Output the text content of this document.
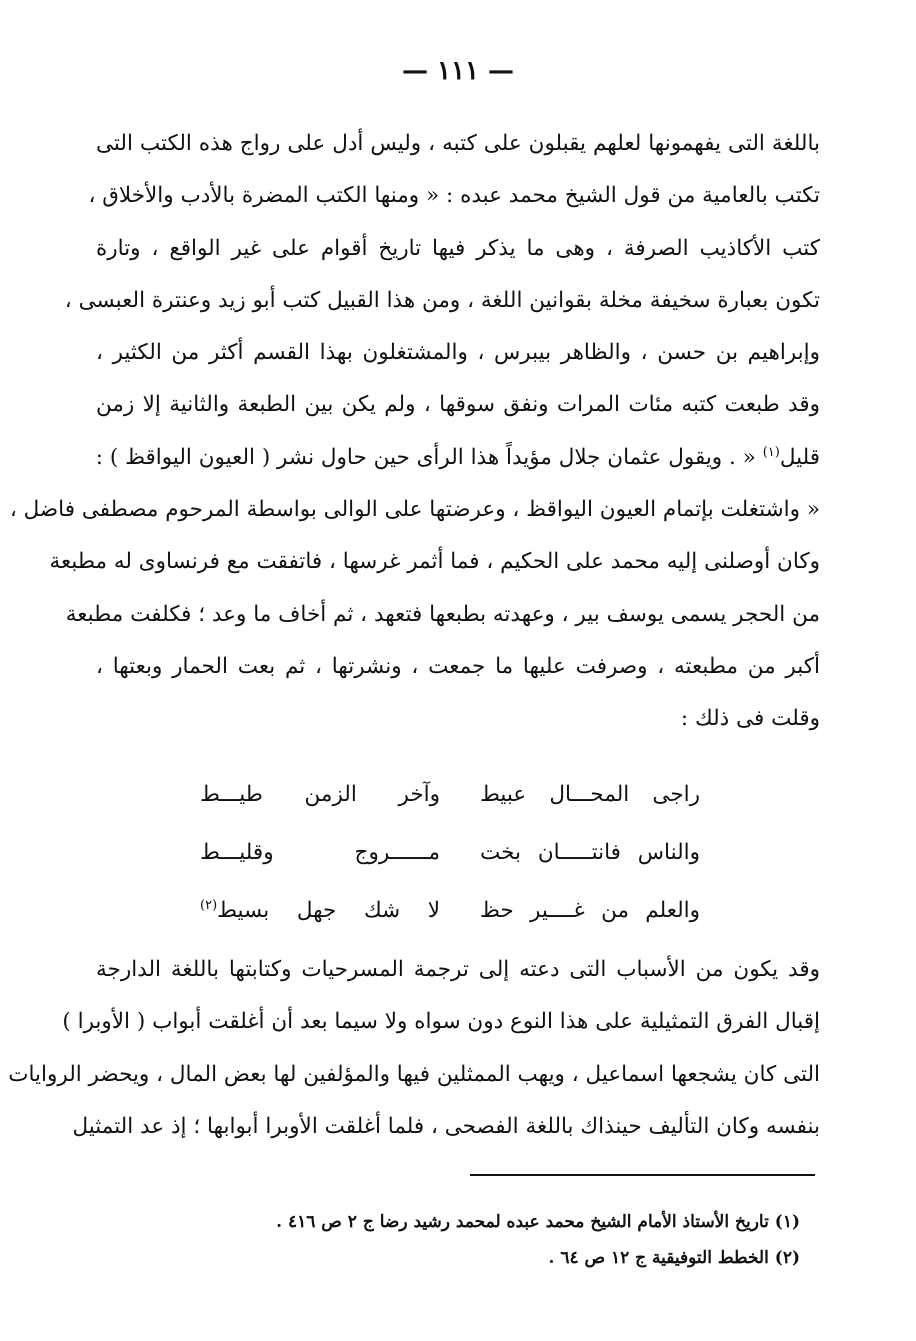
— ١١١ —
باللغة التى يفهمونها لعلهم يقبلون على كتبه ، وليس أدل على رواج هذه الكتب التى
تكتب بالعامية من قول الشيخ محمد عبده : « ومنها الكتب المضرة بالأدب والأخلاق ،
كتب الأكاذيب الصرفة ، وهى ما يذكر فيها تاريخ أقوام على غير الواقع ، وتارة
تكون بعبارة سخيفة مخلة بقوانين اللغة ، ومن هذا القبيل كتب أبو زيد وعنترة العبسى ،
وإبراهيم بن حسن ، والظاهر بيبرس ، والمشتغلون بهذا القسم أكثر من الكثير ،
وقد طبعت كتبه مئات المرات ونفق سوقها ، ولم يكن بين الطبعة والثانية إلا زمن
قليل$^{(١)}$ « . ويقول عثمان جلال مؤيداً هذا الرأى حين حاول نشر ( العيون اليواقظ ) :
« واشتغلت بإتمام العيون اليواقظ ، وعرضتها على الوالى بواسطة المرحوم مصطفى فاضل ،
وكان أوصلنى إليه محمد على الحكيم ، فما أثمر غرسها ، فاتفقت مع فرنساوى له مطبعة
من الحجر يسمى يوسف بير ، وعهدته بطبعها فتعهد ، ثم أخاف ما وعد ؛ فكلفت مطبعة
أكبر من مطبعته ، وصرفت عليها ما جمعت ، ونشرتها ، ثم بعت الحمار وبعتها ،
وقلت فى ذلك :
راجى المحـــال عبيط
وآخر الزمن طيـــط
والناس فانتـــــان بخت
مــــــروج وقليـــط
والعلم من غــــير حظ
لا شك جهل بسيط$^{(٢)}$
وقد يكون من الأسباب التى دعته إلى ترجمة المسرحيات وكتابتها باللغة الدارجة
إقبال الفرق التمثيلية على هذا النوع دون سواه ولا سيما بعد أن أغلقت أبواب ( الأوبرا )
التى كان يشجعها اسماعيل ، ويهب الممثلين فيها والمؤلفين لها بعض المال ، ويحضر الروايات
بنفسه وكان التأليف حينذاك باللغة الفصحى ، فلما أغلقت الأوبرا أبوابها ؛ إذ عد التمثيل
(١) تاريخ الأستاذ الأمام الشيخ محمد عبده لمحمد رشيد رضا ج ٢ ص ٤١٦ .
(٢) الخطط التوفيقية ج ١٢ ص ٦٤ .
